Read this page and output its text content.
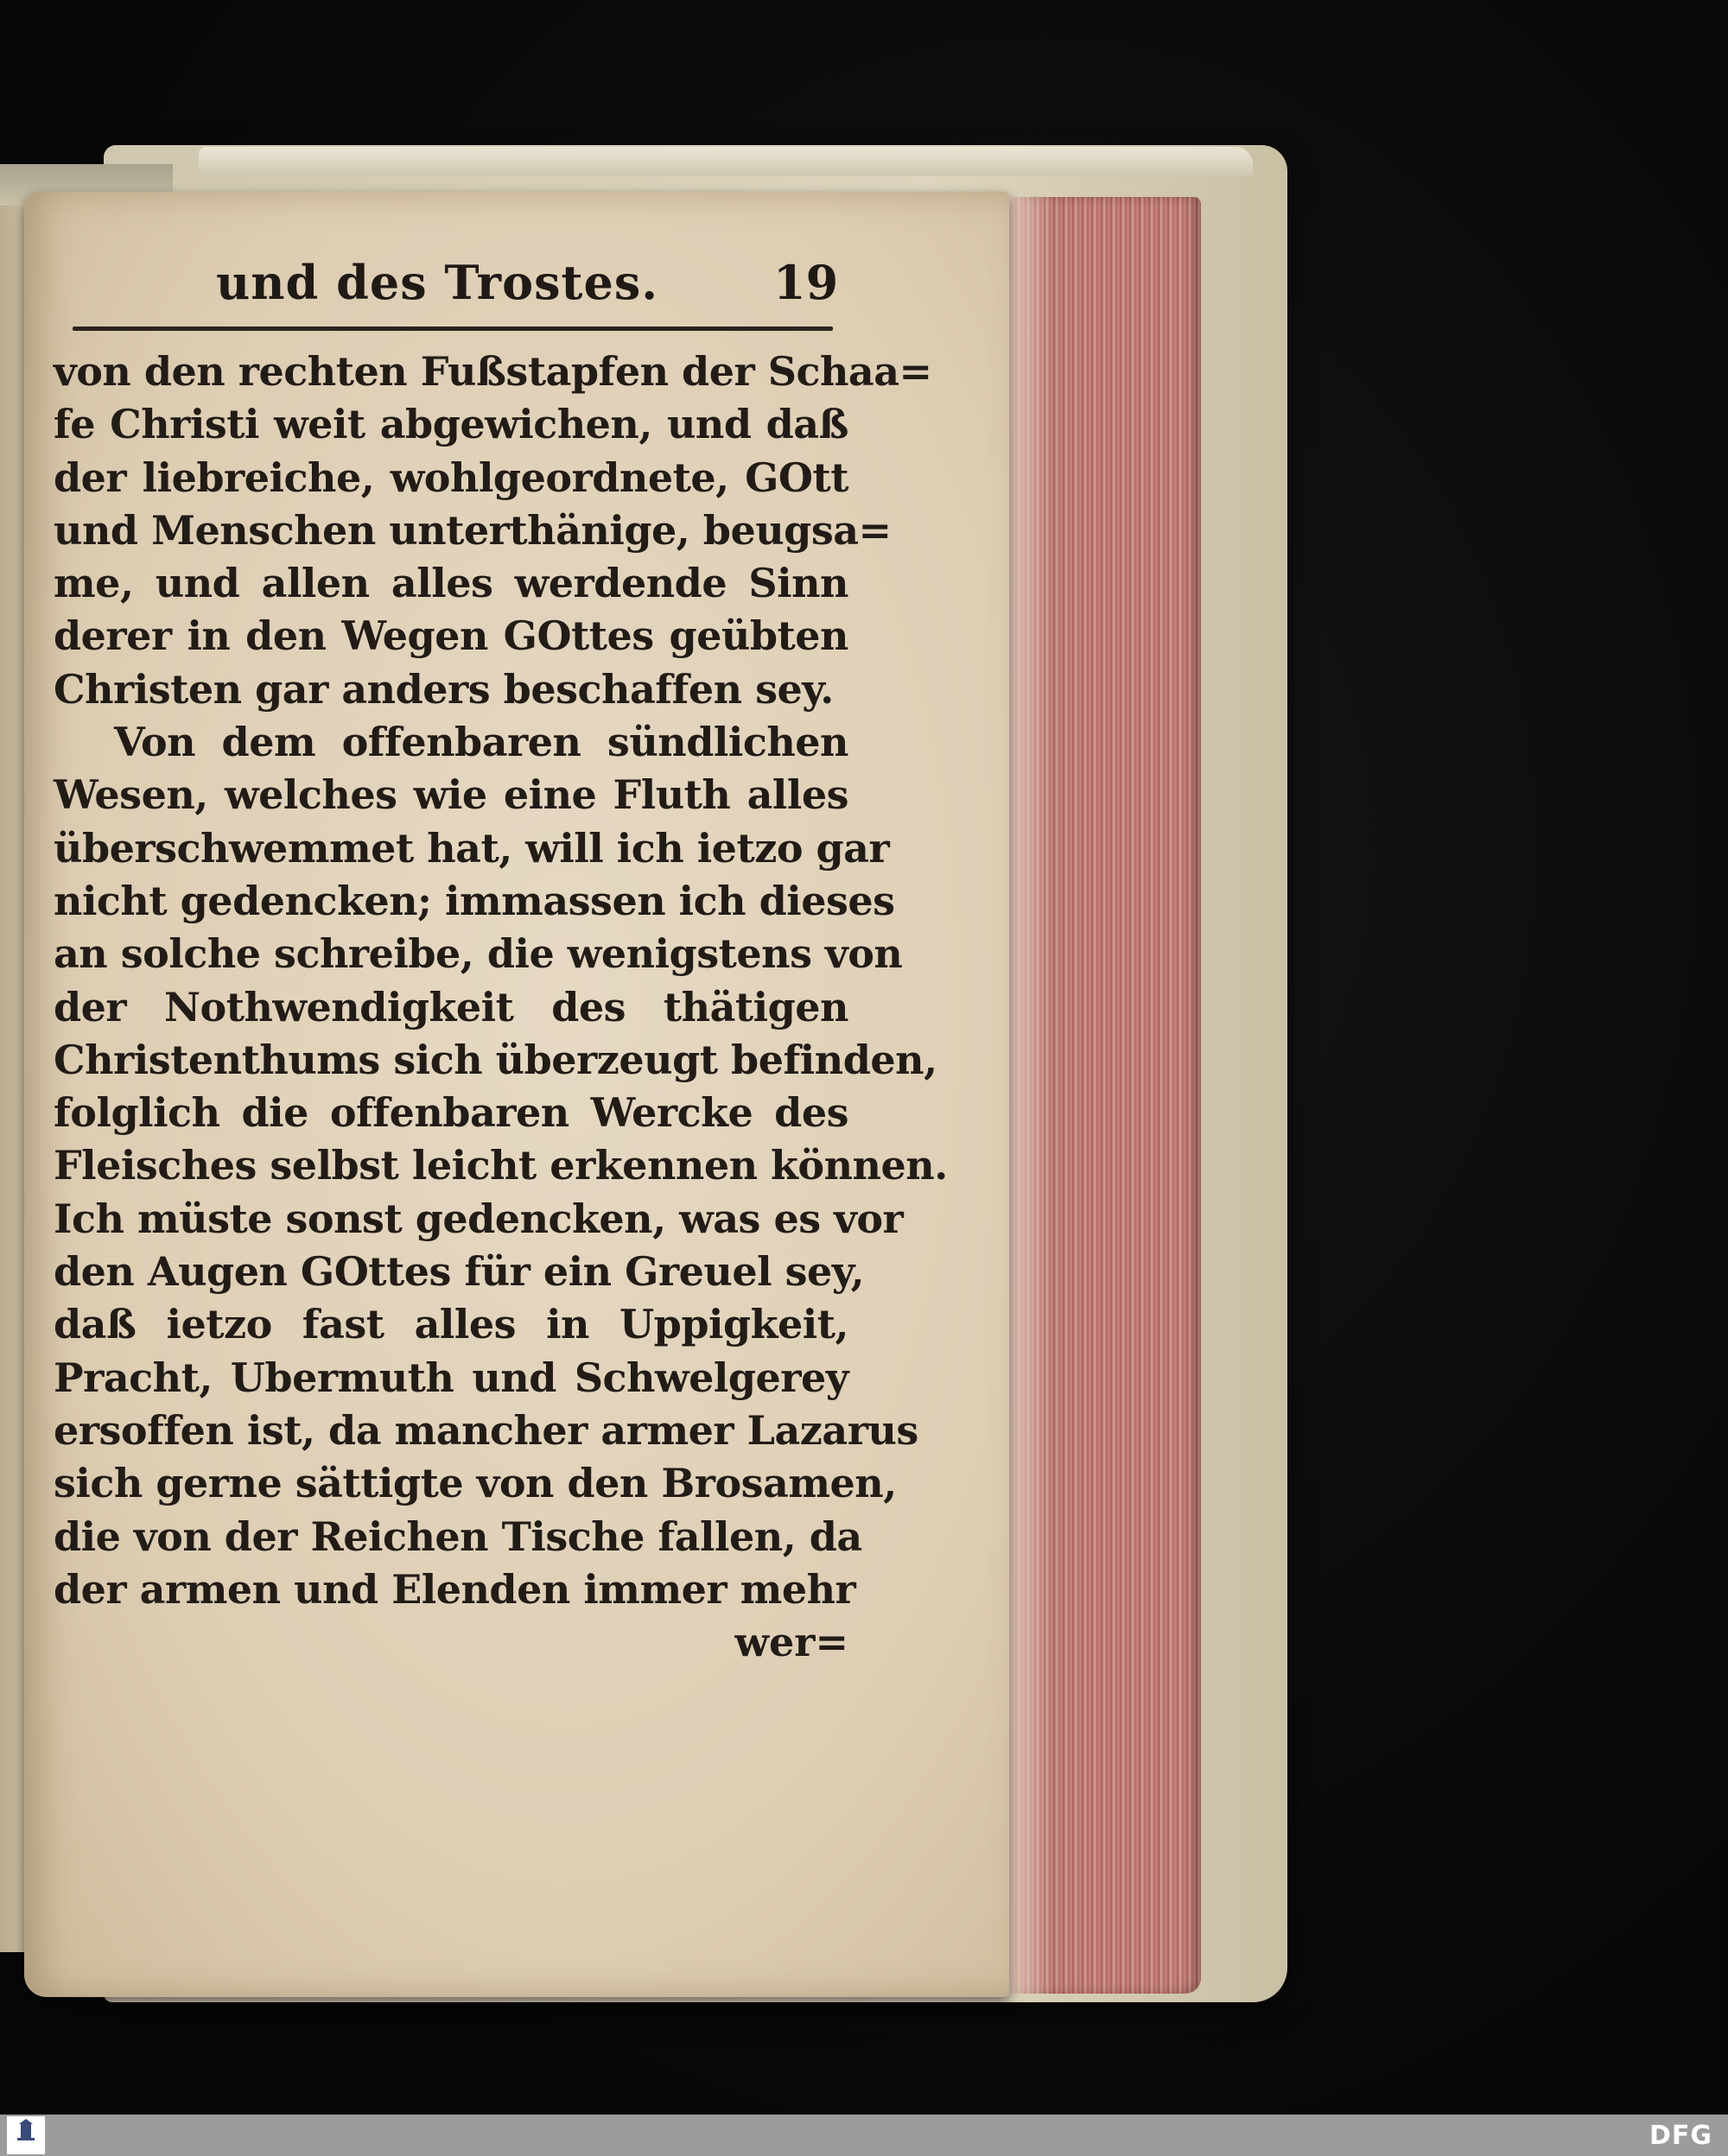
und des Trostes. 19
von den rechten Fußstapfen der Schaa=
fe Christi weit abgewichen, und daß
der liebreiche, wohlgeordnete, GOtt
und Menschen unterthänige, beugsa=
me, und allen alles werdende Sinn
derer in den Wegen GOttes geübten
Christen gar anders beschaffen sey.
Von dem offenbaren sündlichen
Wesen, welches wie eine Fluth alles
überschwemmet hat, will ich ietzo gar
nicht gedencken; immassen ich dieses
an solche schreibe, die wenigstens von
der Nothwendigkeit des thätigen
Christenthums sich überzeugt befinden,
folglich die offenbaren Wercke des
Fleisches selbst leicht erkennen können.
Ich müste sonst gedencken, was es vor
den Augen GOttes für ein Greuel sey,
daß ietzo fast alles in Uppigkeit,
Pracht, Ubermuth und Schwelgerey
ersoffen ist, da mancher armer Lazarus
sich gerne sättigte von den Brosamen,
die von der Reichen Tische fallen, da
der armen und Elenden immer mehr
wer=
DFG
